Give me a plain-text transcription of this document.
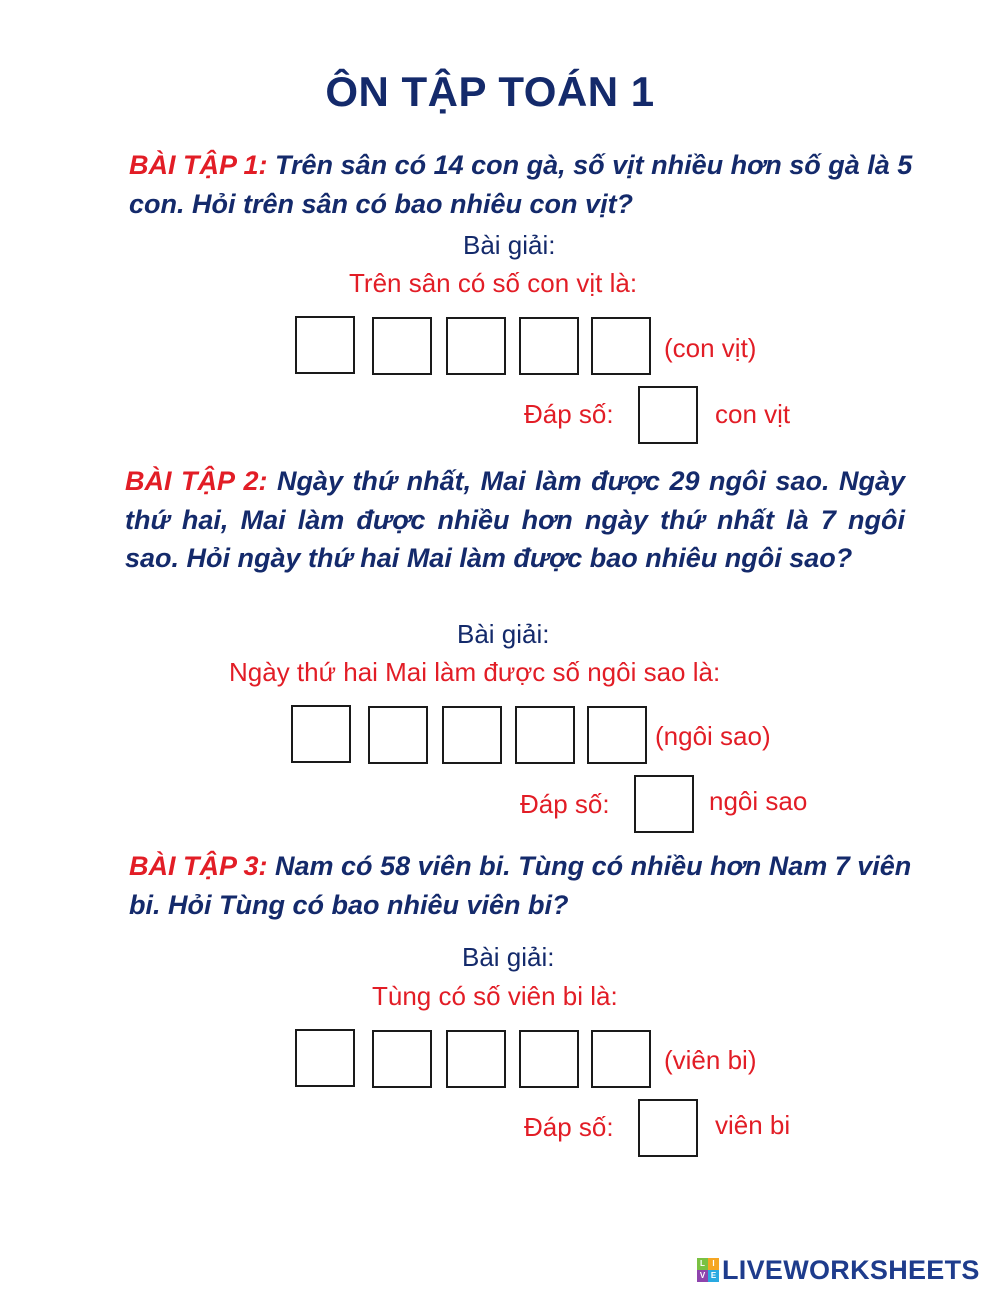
ÔN TẬP TOÁN 1
BÀI TẬP 1: Trên sân có 14 con gà, số vịt nhiều hơn số gà là 5 con. Hỏi trên sân có bao nhiêu con vịt?
Bài giải:
Trên sân có số con vịt là:
(con vịt)
Đáp số:	con vịt
BÀI TẬP 2: Ngày thứ nhất, Mai làm được 29 ngôi sao. Ngày thứ hai, Mai làm được nhiều hơn ngày thứ nhất là 7 ngôi sao. Hỏi ngày thứ hai Mai làm được bao nhiêu ngôi sao?
Bài giải:
Ngày thứ hai Mai làm được số ngôi sao là:
(ngôi sao)
Đáp số:	ngôi sao
BÀI TẬP 3: Nam có 58 viên bi. Tùng có nhiều hơn Nam 7 viên bi. Hỏi Tùng có bao nhiêu viên bi?
Bài giải:
Tùng có số viên bi là:
(viên bi)
Đáp số:	viên bi
L I
V E LIVEWORKSHEETS
